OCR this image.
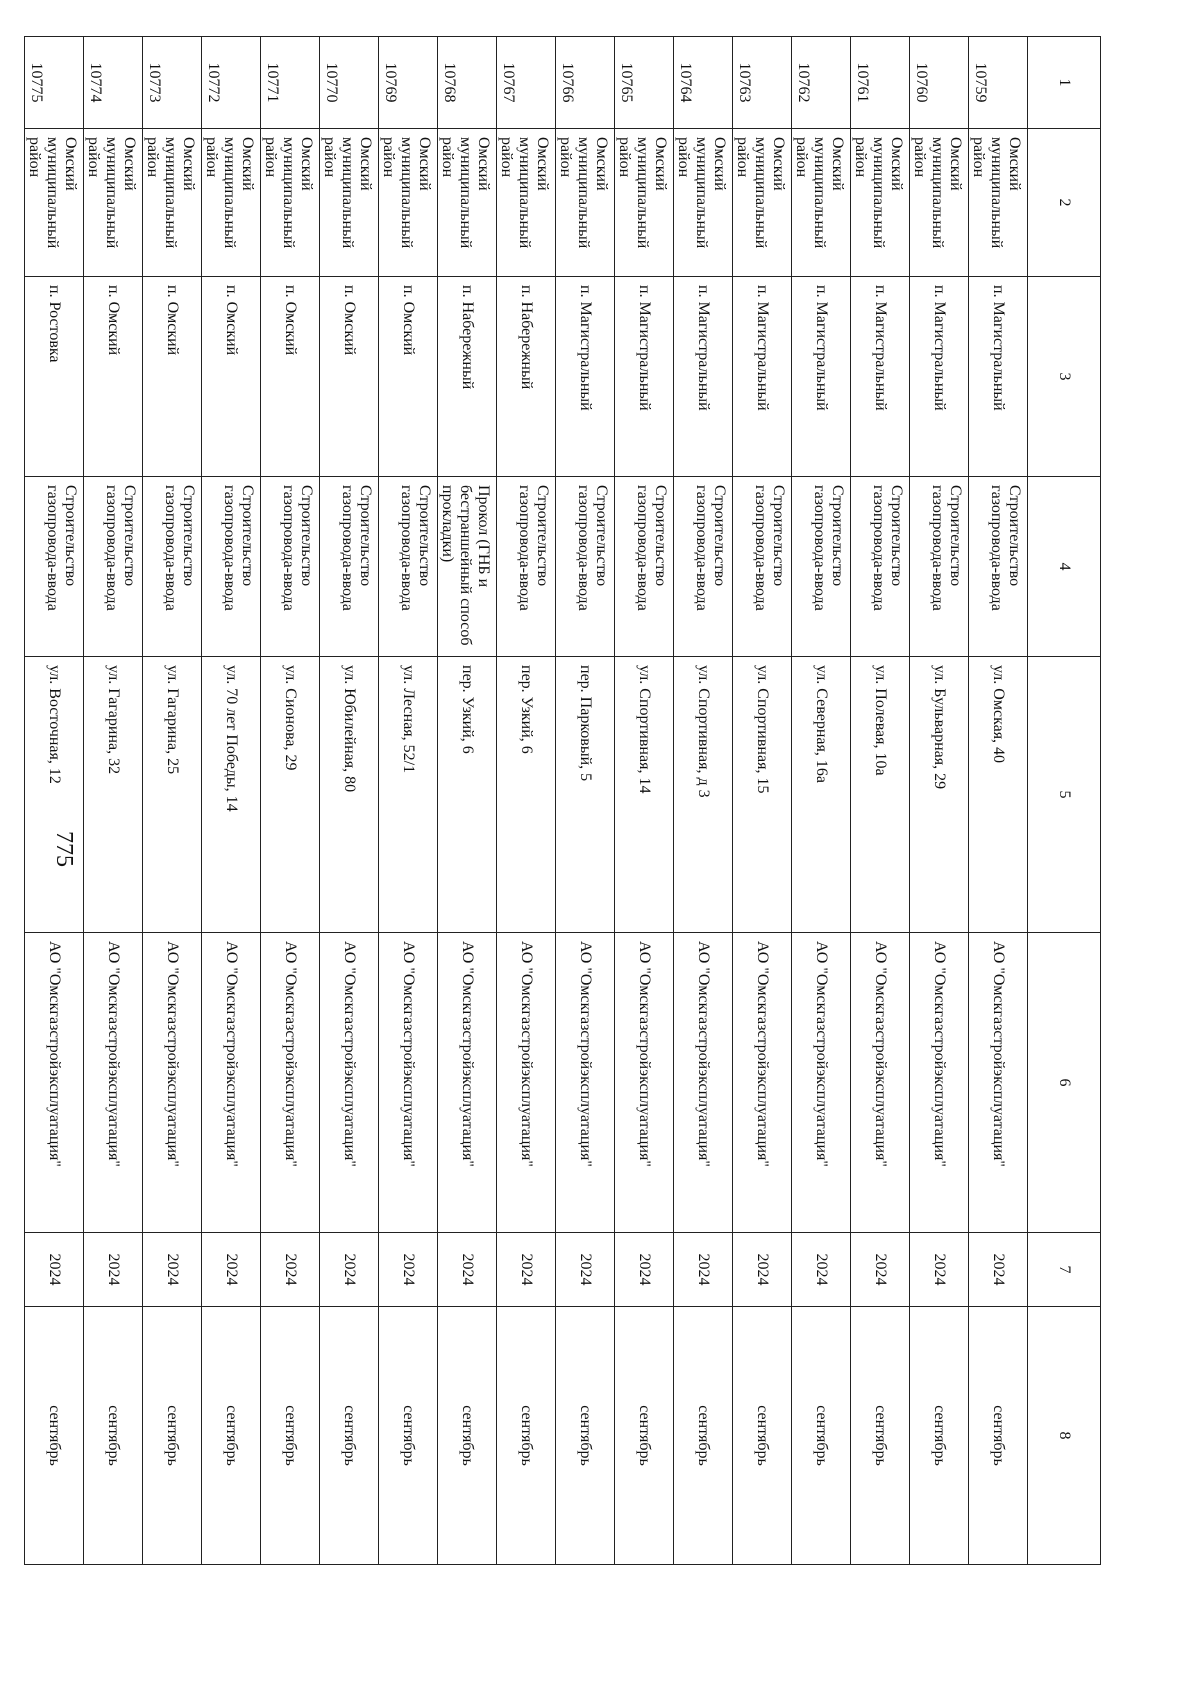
775
1	2	3	4	5	6	7	8
10759	Омский муниципальный район	п. Магистральный	Строительство газопровода-ввода	ул. Омская, 40	АО "Омскгазстройэксплуатация"	2024	сентябрь
10760	Омский муниципальный район	п. Магистральный	Строительство газопровода-ввода	ул. Бульварная, 29	АО "Омскгазстройэксплуатация"	2024	сентябрь
10761	Омский муниципальный район	п. Магистральный	Строительство газопровода-ввода	ул. Полевая, 10а	АО "Омскгазстройэксплуатация"	2024	сентябрь
10762	Омский муниципальный район	п. Магистральный	Строительство газопровода-ввода	ул. Северная, 16а	АО "Омскгазстройэксплуатация"	2024	сентябрь
10763	Омский муниципальный район	п. Магистральный	Строительство газопровода-ввода	ул. Спортивная, 15	АО "Омскгазстройэксплуатация"	2024	сентябрь
10764	Омский муниципальный район	п. Магистральный	Строительство газопровода-ввода	ул. Спортивная, д 3	АО "Омскгазстройэксплуатация"	2024	сентябрь
10765	Омский муниципальный район	п. Магистральный	Строительство газопровода-ввода	ул. Спортивная, 14	АО "Омскгазстройэксплуатация"	2024	сентябрь
10766	Омский муниципальный район	п. Магистральный	Строительство газопровода-ввода	пер. Парковый, 5	АО "Омскгазстройэксплуатация"	2024	сентябрь
10767	Омский муниципальный район	п. Набережный	Строительство газопровода-ввода	пер. Узкий, 6	АО "Омскгазстройэксплуатация"	2024	сентябрь
10768	Омский муниципальный район	п. Набережный	Прокол (ГНБ и бестраншейный способ прокладки)	пер. Узкий, 6	АО "Омскгазстройэксплуатация"	2024	сентябрь
10769	Омский муниципальный район	п. Омский	Строительство газопровода-ввода	ул. Лесная, 52/1	АО "Омскгазстройэксплуатация"	2024	сентябрь
10770	Омский муниципальный район	п. Омский	Строительство газопровода-ввода	ул. Юбилейная, 80	АО "Омскгазстройэксплуатация"	2024	сентябрь
10771	Омский муниципальный район	п. Омский	Строительство газопровода-ввода	ул. Сионова, 29	АО "Омскгазстройэксплуатация"	2024	сентябрь
10772	Омский муниципальный район	п. Омский	Строительство газопровода-ввода	ул. 70 лет Победы, 14	АО "Омскгазстройэксплуатация"	2024	сентябрь
10773	Омский муниципальный район	п. Омский	Строительство газопровода-ввода	ул. Гагарина, 25	АО "Омскгазстройэксплуатация"	2024	сентябрь
10774	Омский муниципальный район	п. Омский	Строительство газопровода-ввода	ул. Гагарина, 32	АО "Омскгазстройэксплуатация"	2024	сентябрь
10775	Омский муниципальный район	п. Ростовка	Строительство газопровода-ввода	ул. Восточная, 12	АО "Омскгазстройэксплуатация"	2024	сентябрь
